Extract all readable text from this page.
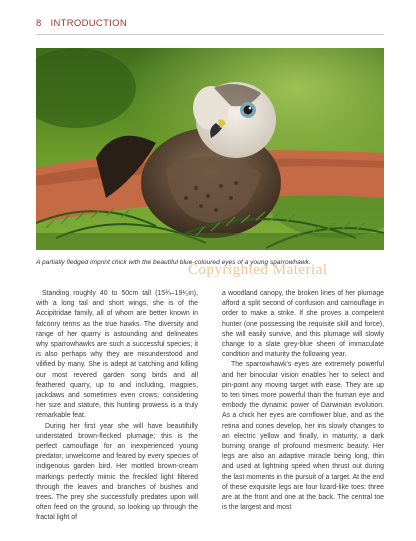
8 INTRODUCTION
A partially fledged imprint chick with the beautiful blue-coloured eyes of a young sparrowhawk.
Copyrighted Material

Standing roughly 40 to 50cm tall (15¾–19¹⁄₂in), with a long tail and short wings, she is of the Accipitridae family, all of whom are better known in falconry terms as the true hawks. The diversity and range of her quarry is astounding and delineates why sparrowhawks are such a successful species; it is also perhaps why they are misunderstood and vilified by many. She is adept at catching and killing our most revered garden song birds and all feathered quarry, up to and including, magpies, jackdaws and sometimes even crows; considering her size and stature, this hunting prowess is a truly remarkable feat.

During her first year she will have beautifully understated brown-flecked plumage; this is the perfect camouflage for an inexperienced young predator, unwelcome and feared by every species of indigenous garden bird. Her mottled brown-cream markings perfectly mimic the freckled light filtered through the leaves and branches of bushes and trees. The prey she successfully predates upon will often feed on the ground, so looking up through the fractal light of

a woodland canopy, the broken lines of her plumage afford a split second of confusion and camouflage in order to make a strike. If she proves a competent hunter (one possessing the requisite skill and force), she will easily survive, and this plumage will slowly change to a slate grey-blue sheen of immaculate condition and maturity the following year.

The sparrowhawk's eyes are extremely powerful and her binocular vision enables her to select and pin-point any moving target with ease. They are up to ten times more powerful than the human eye and embody the dynamic power of Darwinian evolution. As a chick her eyes are cornflower blue, and as the retina and cones develop, her iris slowly changes to an electric yellow and finally, in maturity, a dark burning orange of profound mesmeric beauty. Her legs are also an adaptive miracle being long, thin and used at lightning speed when thrust out during the last moments in the pursuit of a target. At the end of these exquisite legs are four lizard-like toes: three are at the front and one at the back. The central toe is the largest and most
